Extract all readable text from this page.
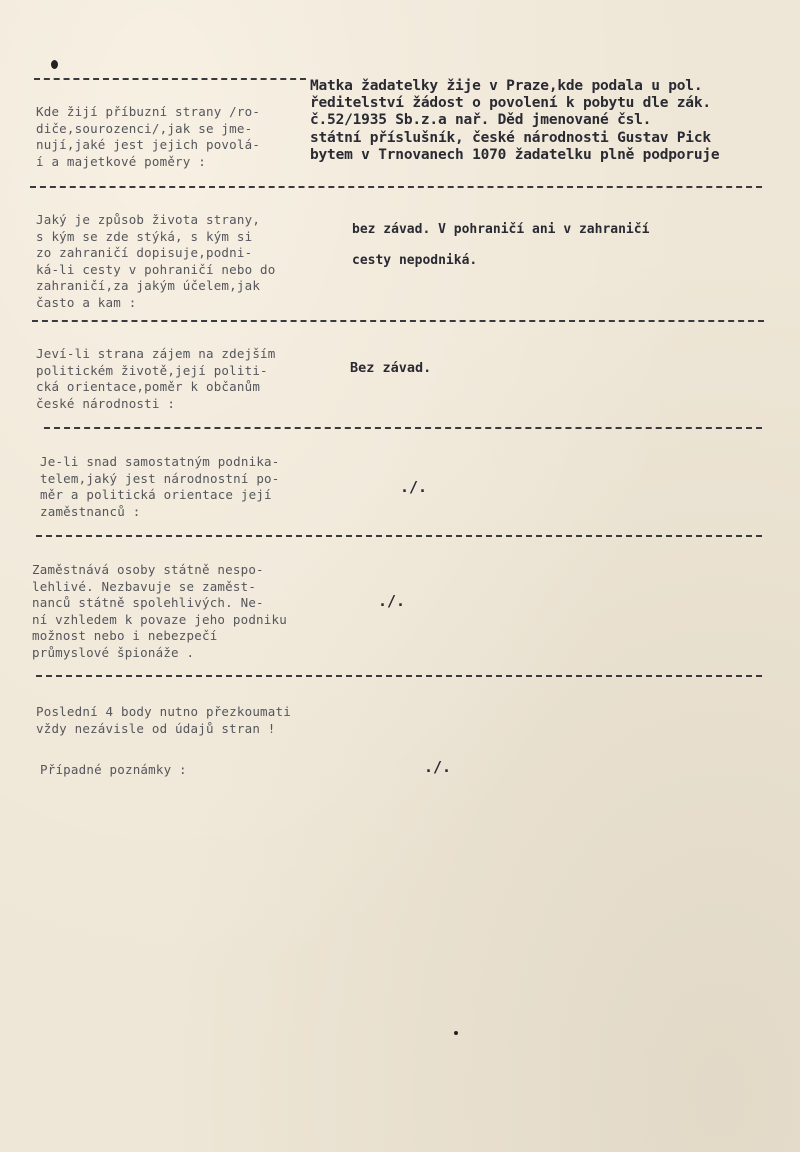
Kde žijí příbuzní strany /ro-
diče,sourozenci/,jak se jme-
nují,jaké jest jejich povolá-
í a majetkové poměry :
Matka žadatelky žije v Praze,kde podala u pol.
ředitelství žádost o povolení k pobytu dle zák.
č.52/1935 Sb.z.a nař. Děd jmenované čsl.
státní příslušník, české národnosti Gustav Pick
bytem v Trnovanech 1070 žadatelku plně podporuje
Jaký je způsob života strany,
s kým se zde stýká, s kým si
zo zahraničí dopisuje,podni-
ká-li cesty v pohraničí nebo do
zahraničí,za jakým účelem,jak
často a kam :
bez závad. V pohraničí ani v zahraničí
cesty nepodniká.
Jeví-li strana zájem na zdejším
politickém životě,její politi-
cká orientace,poměr k občanům
české národnosti :
Bez závad.
Je-li snad samostatným podnika-
telem,jaký jest národnostní po-
měr a politická orientace její
zaměstnanců :
./.
Zaměstnává osoby státně nespo-
lehlivé. Nezbavuje se zaměst-
nanců státně spolehlivých. Ne-
ní vzhledem k povaze jeho podniku
možnost nebo i nebezpečí
průmyslové špionáže .
./.
Poslední 4 body nutno přezkoumati
vždy nezávisle od údajů stran !
Případné poznámky :	./.
